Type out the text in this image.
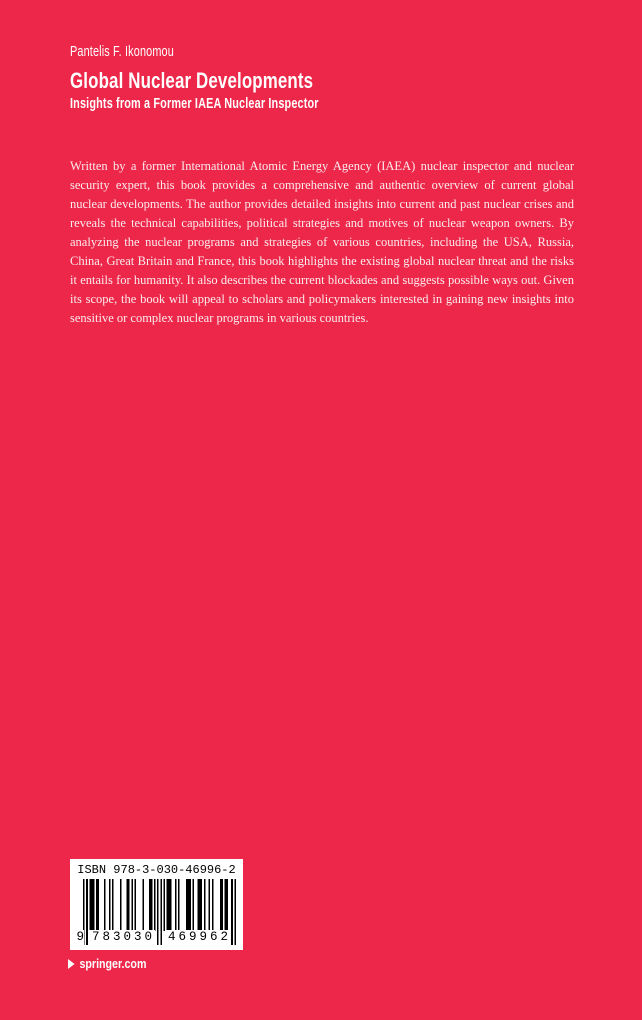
Pantelis F. Ikonomou
Global Nuclear Developments
Insights from a Former IAEA Nuclear Inspector

Written by a former International Atomic Energy Agency (IAEA) nuclear inspector and nuclear security expert, this book provides a comprehensive and authentic overview of current global nuclear developments. The author provides detailed insights into current and past nuclear crises and reveals the technical capabilities, political strategies and motives of nuclear weapon owners. By analyzing the nuclear programs and strategies of various countries, including the USA, Russia, China, Great Britain and France, this book highlights the existing global nuclear threat and the risks it entails for humanity. It also describes the current blockades and suggests possible ways out. Given its scope, the book will appeal to scholars and policymakers interested in gaining new insights into sensitive or complex nuclear programs in various countries.

ISBN 978-3-030-46996-2
9 783030 469962
springer.com
